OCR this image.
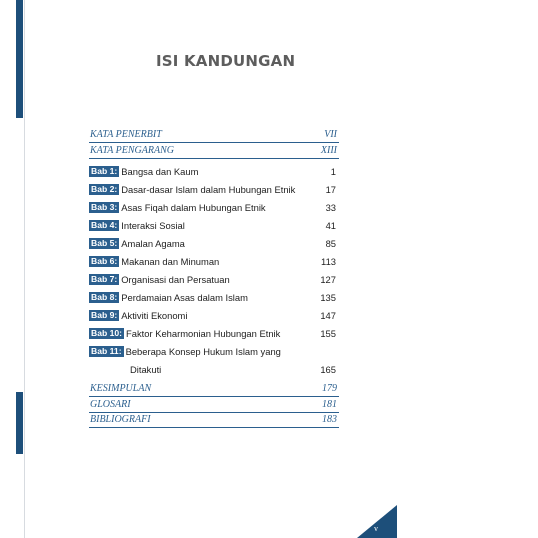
ISI KANDUNGAN
KATA PENERBIT	VII
KATA PENGARANG	XIII
Bab 1: Bangsa dan Kaum	1
Bab 2: Dasar-dasar Islam dalam Hubungan Etnik	17
Bab 3: Asas Fiqah dalam Hubungan Etnik	33
Bab 4: Interaksi Sosial	41
Bab 5: Amalan Agama	85
Bab 6: Makanan dan Minuman	113
Bab 7: Organisasi dan Persatuan	127
Bab 8: Perdamaian Asas dalam Islam	135
Bab 9: Aktiviti Ekonomi	147
Bab 10: Faktor Keharmonian Hubungan Etnik	155
Bab 11: Beberapa Konsep Hukum Islam yang
Ditakuti	165
KESIMPULAN	179
GLOSARI	181
BIBLIOGRAFI	183
v
